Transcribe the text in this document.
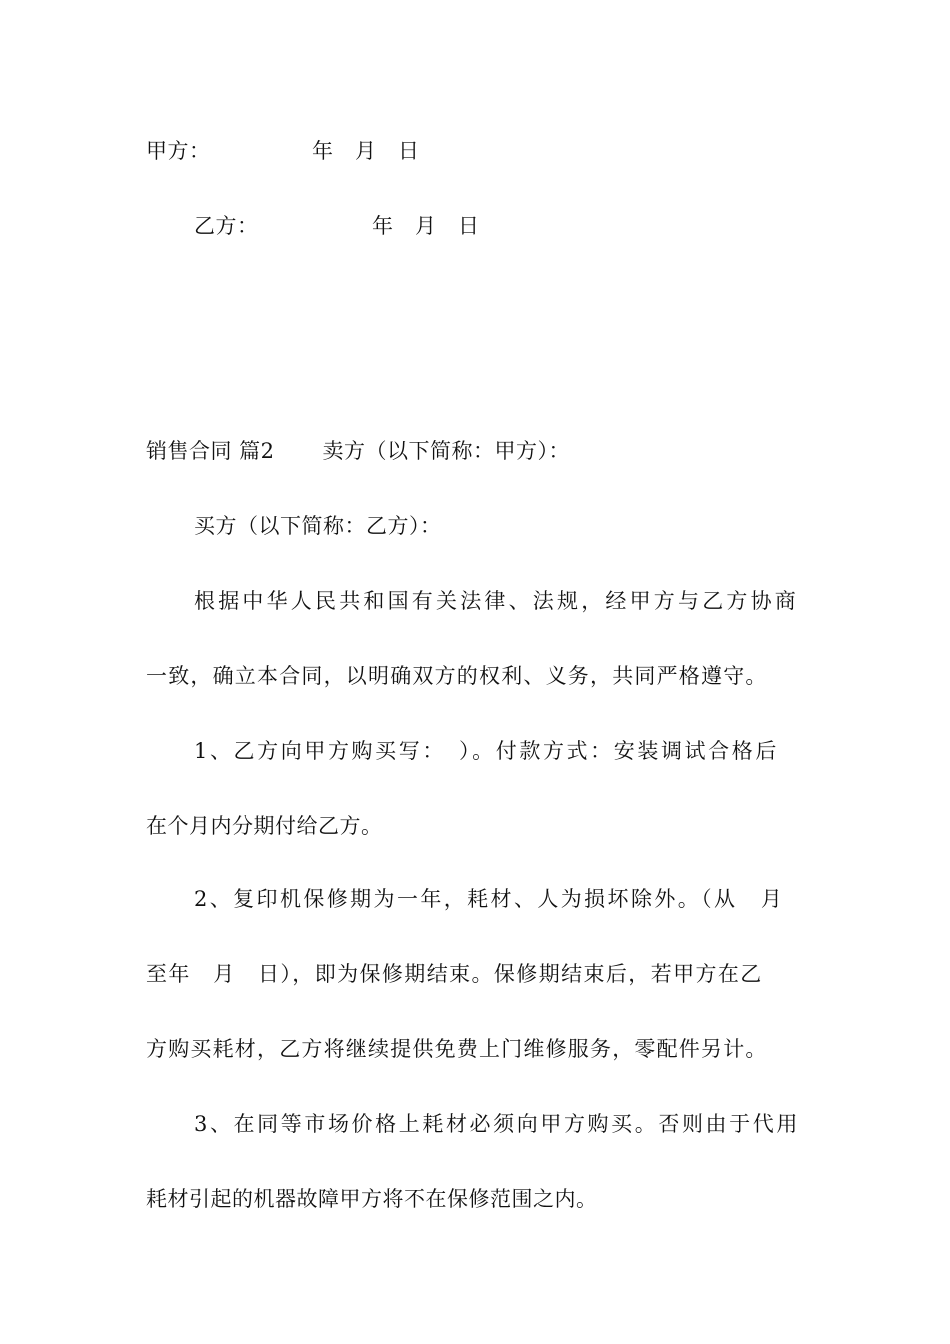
甲方：	年　月　日
乙方：	年　月　日
销售合同 篇2 卖方（以下简称：甲方）：
买方（以下简称：乙方）：
根据中华人民共和国有关法律、法规，经甲方与乙方协商
一致，确立本合同，以明确双方的权利、义务，共同严格遵守。
1、乙方向甲方购买写：　）。付款方式：安装调试合格后
在个月内分期付给乙方。
2、复印机保修期为一年，耗材、人为损坏除外。（从　月
至年　月　日），即为保修期结束。保修期结束后，若甲方在乙
方购买耗材，乙方将继续提供免费上门维修服务，零配件另计。
3、在同等市场价格上耗材必须向甲方购买。否则由于代用
耗材引起的机器故障甲方将不在保修范围之内。
